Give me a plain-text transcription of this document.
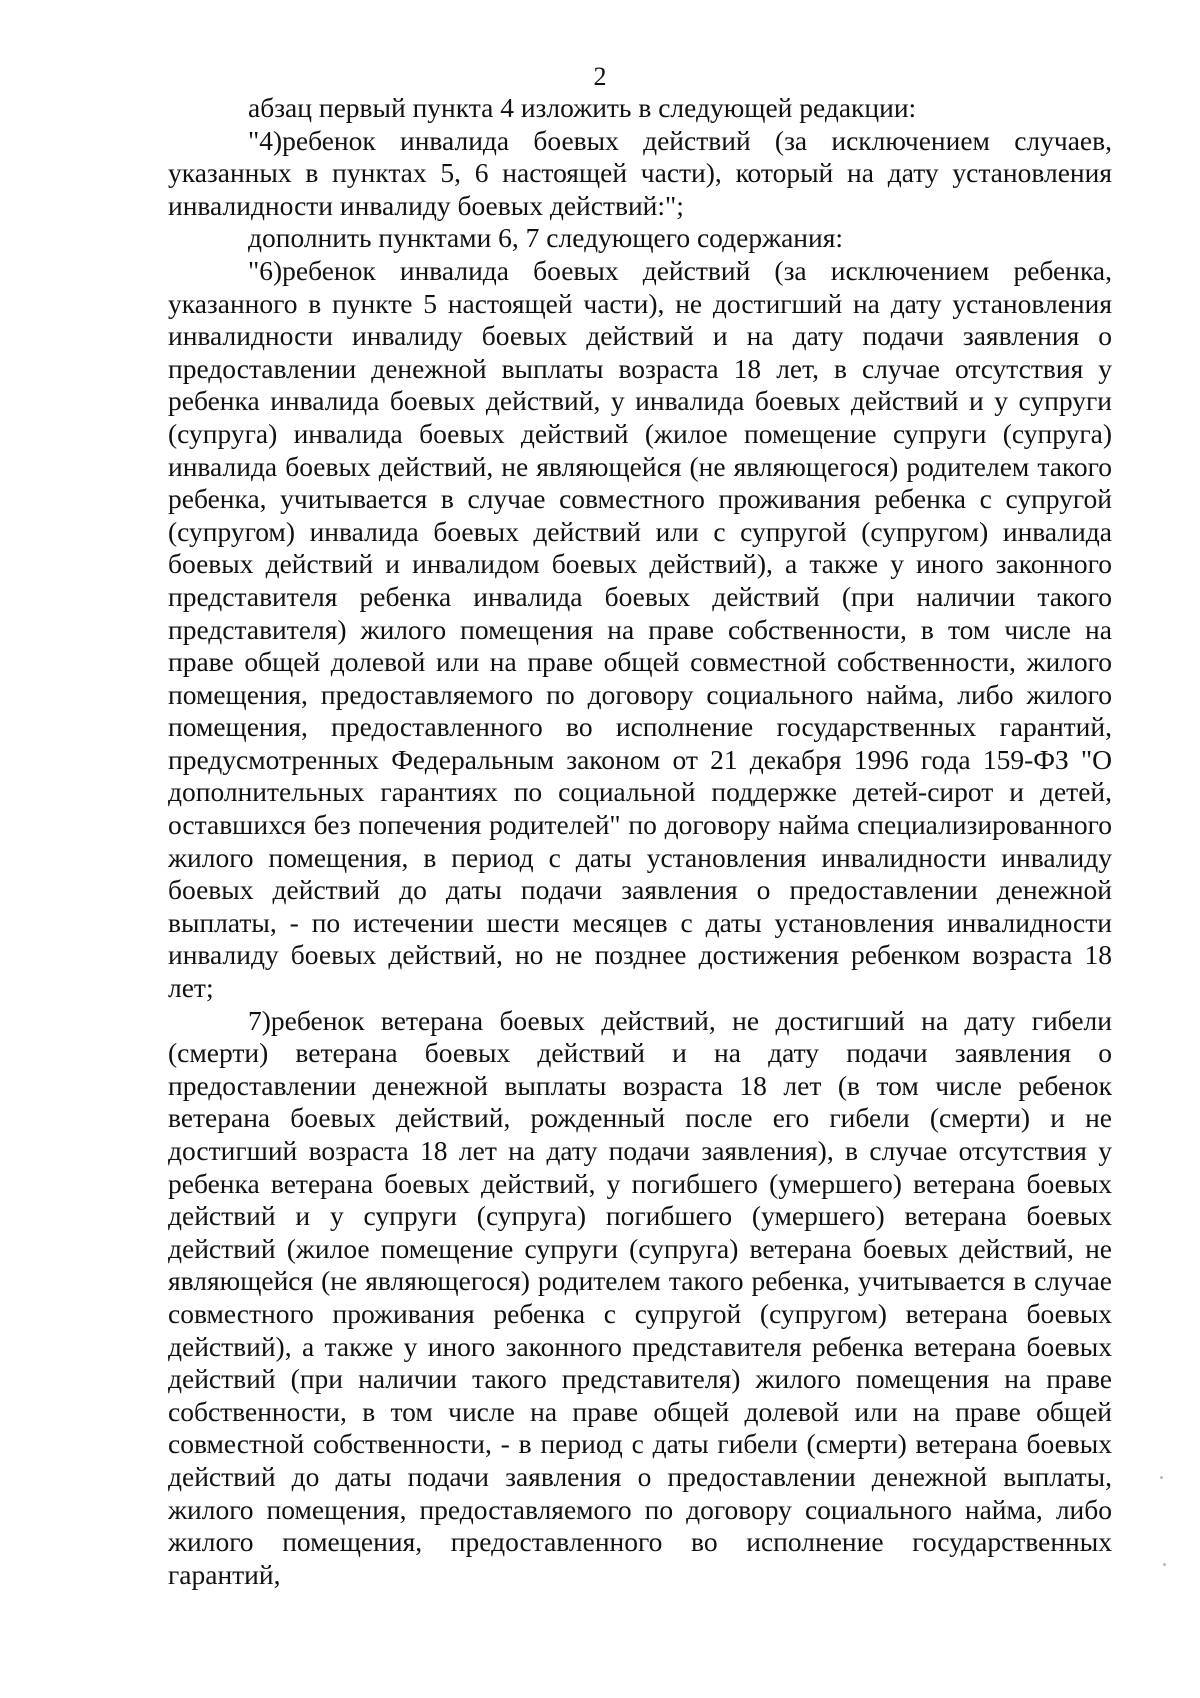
2

абзац первый пункта 4 изложить в следующей редакции:

"4)ребенок инвалида боевых действий (за исключением случаев, указанных в пунктах 5, 6 настоящей части), который на дату установления инвалидности инвалиду боевых действий:";

дополнить пунктами 6, 7 следующего содержания:

"6)ребенок инвалида боевых действий (за исключением ребенка, указанного в пункте 5 настоящей части), не достигший на дату установления инвалидности инвалиду боевых действий и на дату подачи заявления о предоставлении денежной выплаты возраста 18 лет, в случае отсутствия у ребенка инвалида боевых действий, у инвалида боевых действий и у супруги (супруга) инвалида боевых действий (жилое помещение супруги (супруга) инвалида боевых действий, не являющейся (не являющегося) родителем такого ребенка, учитывается в случае совместного проживания ребенка с супругой (супругом) инвалида боевых действий или с супругой (супругом) инвалида боевых действий и инвалидом боевых действий), а также у иного законного представителя ребенка инвалида боевых действий (при наличии такого представителя) жилого помещения на праве собственности, в том числе на праве общей долевой или на праве общей совместной собственности, жилого помещения, предоставляемого по договору социального найма, либо жилого помещения, предоставленного во исполнение государственных гарантий, предусмотренных Федеральным законом от 21 декабря 1996 года 159-ФЗ "О дополнительных гарантиях по социальной поддержке детей-сирот и детей, оставшихся без попечения родителей" по договору найма специализированного жилого помещения, в период с даты установления инвалидности инвалиду боевых действий до даты подачи заявления о предоставлении денежной выплаты, - по истечении шести месяцев с даты установления инвалидности инвалиду боевых действий, но не позднее достижения ребенком возраста 18 лет;

7)ребенок ветерана боевых действий, не достигший на дату гибели (смерти) ветерана боевых действий и на дату подачи заявления о предоставлении денежной выплаты возраста 18 лет (в том числе ребенок ветерана боевых действий, рожденный после его гибели (смерти) и не достигший возраста 18 лет на дату подачи заявления), в случае отсутствия у ребенка ветерана боевых действий, у погибшего (умершего) ветерана боевых действий и у супруги (супруга) погибшего (умершего) ветерана боевых действий (жилое помещение супруги (супруга) ветерана боевых действий, не являющейся (не являющегося) родителем такого ребенка, учитывается в случае совместного проживания ребенка с супругой (супругом) ветерана боевых действий), а также у иного законного представителя ребенка ветерана боевых действий (при наличии такого представителя) жилого помещения на праве собственности, в том числе на праве общей долевой или на праве общей совместной собственности, - в период с даты гибели (смерти) ветерана боевых действий до даты подачи заявления о предоставлении денежной выплаты, жилого помещения, предоставляемого по договору социального найма, либо жилого помещения, предоставленного во исполнение государственных гарантий,
